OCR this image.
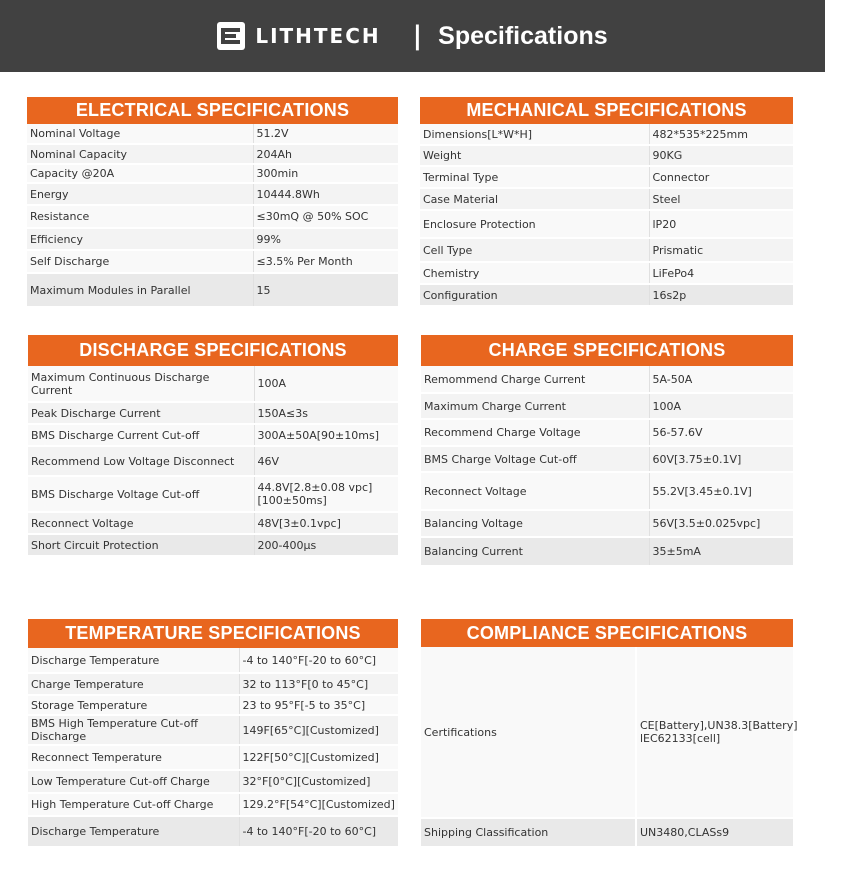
LITHTECH | Specifications
ELECTRICAL SPECIFICATIONS
Nominal Voltage	51.2V
Nominal Capacity	204Ah
Capacity @20A	300min
Energy	10444.8Wh
Resistance	≤30mQ @ 50% SOC
Efficiency	99%
Self Discharge	≤3.5% Per Month
Maximum Modules in Parallel	15
MECHANICAL SPECIFICATIONS
Dimensions[L*W*H]	482*535*225mm
Weight	90KG
Terminal Type	Connector
Case Material	Steel
Enclosure Protection	lP20
Cell Type	Prismatic
Chemistry	LiFePo4
Configuration	16s2p
DISCHARGE SPECIFICATIONS
Maximum Continuous Discharge Current	100A
Peak Discharge Current	150A≤3s
BMS Discharge Current Cut-off	300A±50A[90±10ms]
Recommend Low Voltage Disconnect	46V
BMS Discharge Voltage Cut-off	44.8V[2.8±0.08 vpc][100±50ms]
Reconnect Voltage	48V[3±0.1vpc]
Short Circuit Protection	200-400μs
CHARGE SPECIFICATIONS
Remommend Charge Current	5A-50A
Maximum Charge Current	100A
Recommend Charge Voltage	56-57.6V
BMS Charge Voltage Cut-off	60V[3.75±0.1V]
Reconnect Voltage	55.2V[3.45±0.1V]
Balancing Voltage	56V[3.5±0.025vpc]
Balancing Current	35±5mA
TEMPERATURE SPECIFICATIONS
Discharge Temperature	-4 to 140°F[-20 to 60°C]
Charge Temperature	32 to 113°F[0 to 45°C]
Storage Temperature	23 to 95°F[-5 to 35°C]
BMS High Temperature Cut-off Discharge	149F[65°C][Customized]
Reconnect Temperature	122F[50°C][Customized]
Low Temperature Cut-off Charge	32°F[0°C][Customized]
High Temperature Cut-off Charge	129.2°F[54°C][Customized]
Discharge Temperature	-4 to 140°F[-20 to 60°C]
COMPLIANCE SPECIFICATIONS
Certifications	CE[Battery],UN38.3[Battery] lEC62133[cell]
Shipping Classification	UN3480,CLASs9
